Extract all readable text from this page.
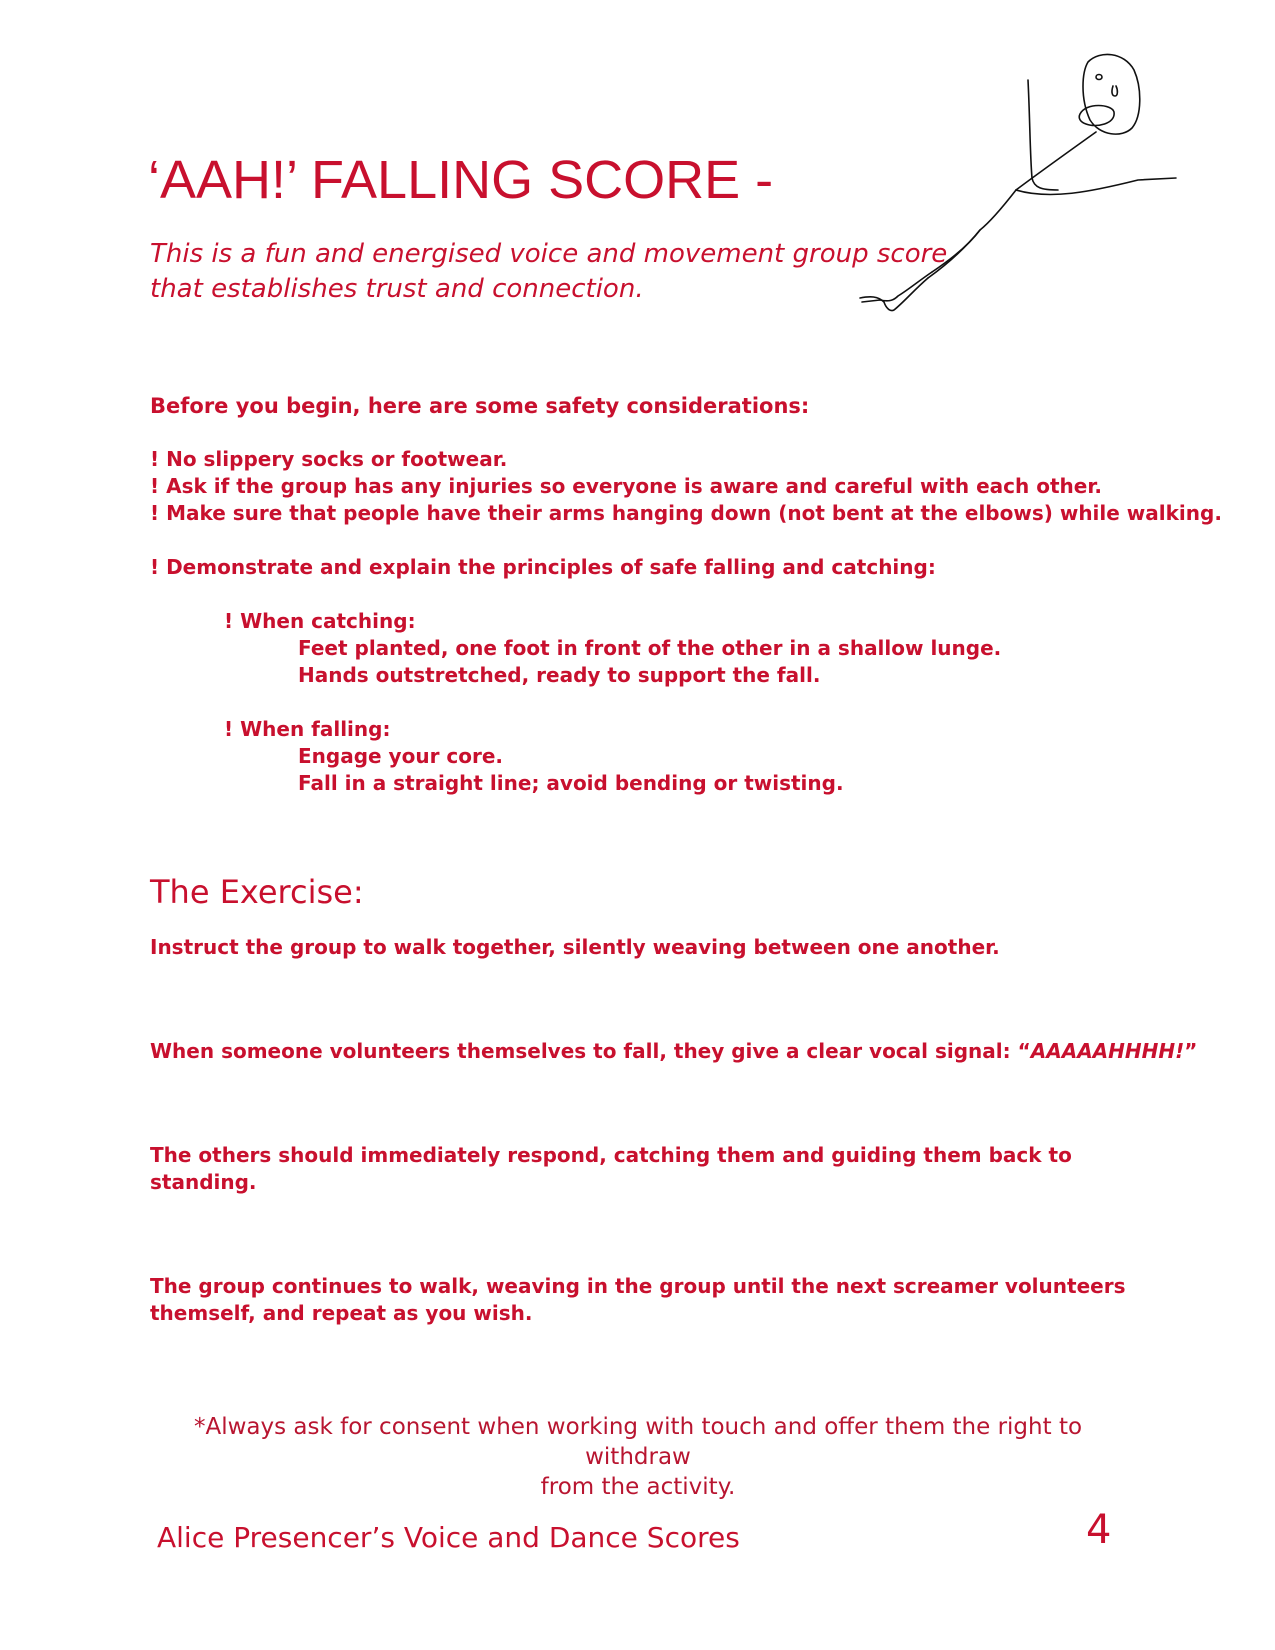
‘AAH!’ FALLING SCORE -
This is a fun and energised voice and movement group score
that establishes trust and connection.
Before you begin, here are some safety considerations:
! No slippery socks or footwear.
! Ask if the group has any injuries so everyone is aware and careful with each other.
! Make sure that people have their arms hanging down (not bent at the elbows) while walking.
! Demonstrate and explain the principles of safe falling and catching:
! When catching:
Feet planted, one foot in front of the other in a shallow lunge.
Hands outstretched, ready to support the fall.
! When falling:
Engage your core.
Fall in a straight line; avoid bending or twisting.
The Exercise:
Instruct the group to walk together, silently weaving between one another.
When someone volunteers themselves to fall, they give a clear vocal signal: “AAAAAHHHH!”
The others should immediately respond, catching them and guiding them back to
standing.
The group continues to walk, weaving in the group until the next screamer volunteers
themself, and repeat as you wish.
*Always ask for consent when working with touch and offer them the right to withdraw
from the activity.
Alice Presencer’s Voice and Dance Scores	4
